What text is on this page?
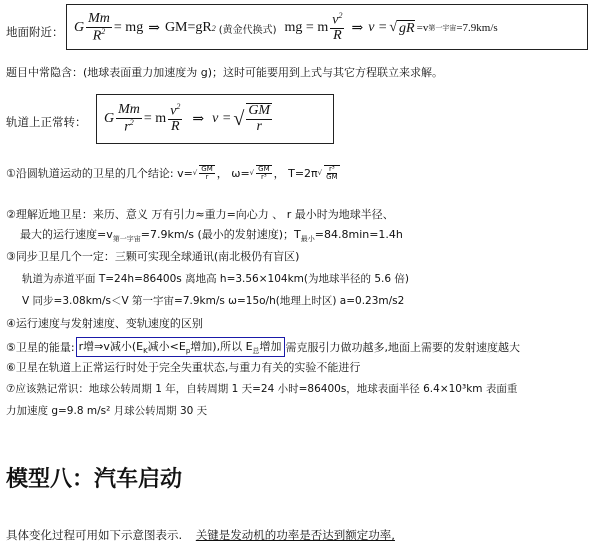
地面附近： G $\frac{Mm}{R^2}$ = mg ⇒ GM=gR 2 (黄金代换式) mg = m $\frac{v^2}{R}$ ⇒ v = √ gR =v 第一宇宙 =7.9km/s
题目中常隐含：(地球表面重力加速度为 g)；这时可能要用到上式与其它方程联立来求解。
轨道上正常转： G $\frac{Mm}{r^2} = m \frac{v^2}{R}$ ⇒ v = √ $\frac{GM}{r}$
①沿圆轨道运动的卫星的几个结论: v= √ $\frac{GM}{r}$ ， ω= √ $\frac{GM}{\text{r³}}$ ， T=2π √ $\frac{\text{r³}}{GM}$
②理解近地卫星：来历、意义 万有引力≈重力=向心力 、 r 最小时为地球半径、
最大的运行速度$=v_{第一宇宙}=7.9km/s$ (最小的发射速度)；$T_{最小}=84.8\min=1.4h$
③同步卫星几个一定：三颗可实现全球通讯(南北极仍有盲区)
轨道为赤道平面 T=24h=86400s 离地高 h=3.56×104km(为地球半径的 5.6 倍)
V 同步=3.08km/s＜V 第一宇宙=7.9km/s ω=15o/h(地理上时区) a=0.23m/s2
④运行速度与发射速度、变轨速度的区别
⑤卫星的能量: r增⇒v减小($E_K$减小$<E_p$增加),所以 $E_总$增加 需克服引力做功越多,地面上需要的发射速度越大
⑥卫星在轨道上正常运行时处于完全失重状态,与重力有关的实验不能进行
⑦应该熟记常识：地球公转周期 1 年，自转周期 1 天=24 小时=86400s，地球表面半径 6.4×10³km 表面重
力加速度 g=9.8 m/s² 月球公转周期 30 天
模型八：汽车启动
具体变化过程可用如下示意图表示. 关键是发动机的功率是否达到额定功率,
